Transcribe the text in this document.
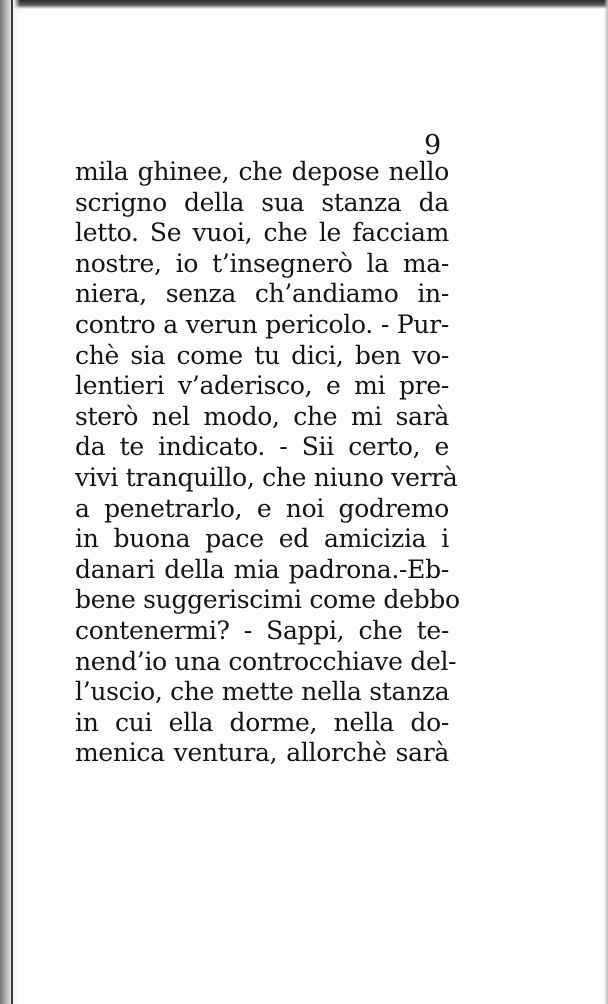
9
mila ghinee, che depose nello
scrigno della sua stanza da
letto. Se vuoi, che le facciam
nostre, io t’insegnerò la ma-
niera, senza ch’andiamo in-
contro a verun pericolo. - Pur-
chè sia come tu dici, ben vo-
lentieri v’aderisco, e mi pre-
sterò nel modo, che mi sarà
da te indicato. - Sii certo, e
vivi tranquillo, che niuno verrà
a penetrarlo, e noi godremo
in buona pace ed amicizia i
danari della mia padrona.-Eb-
bene suggeriscimi come debbo
contenermi? - Sappi, che te-
nend’io una controcchiave del-
l’uscio, che mette nella stanza
in cui ella dorme, nella do-
menica ventura, allorchè sarà
